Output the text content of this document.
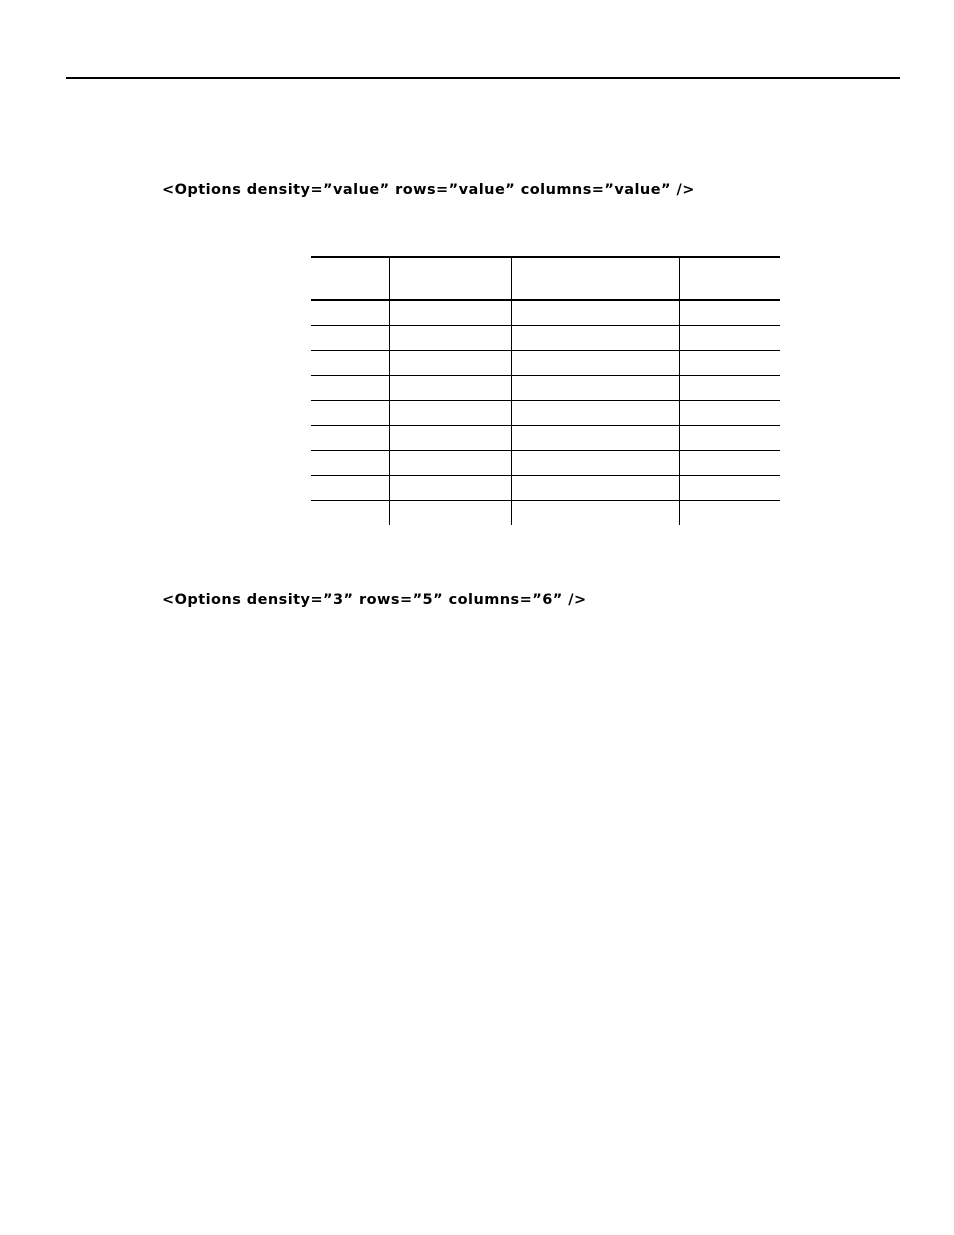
<Options density=”value” rows=”value” columns=”value” />

<Options density=”3” rows=”5” columns=”6” />
